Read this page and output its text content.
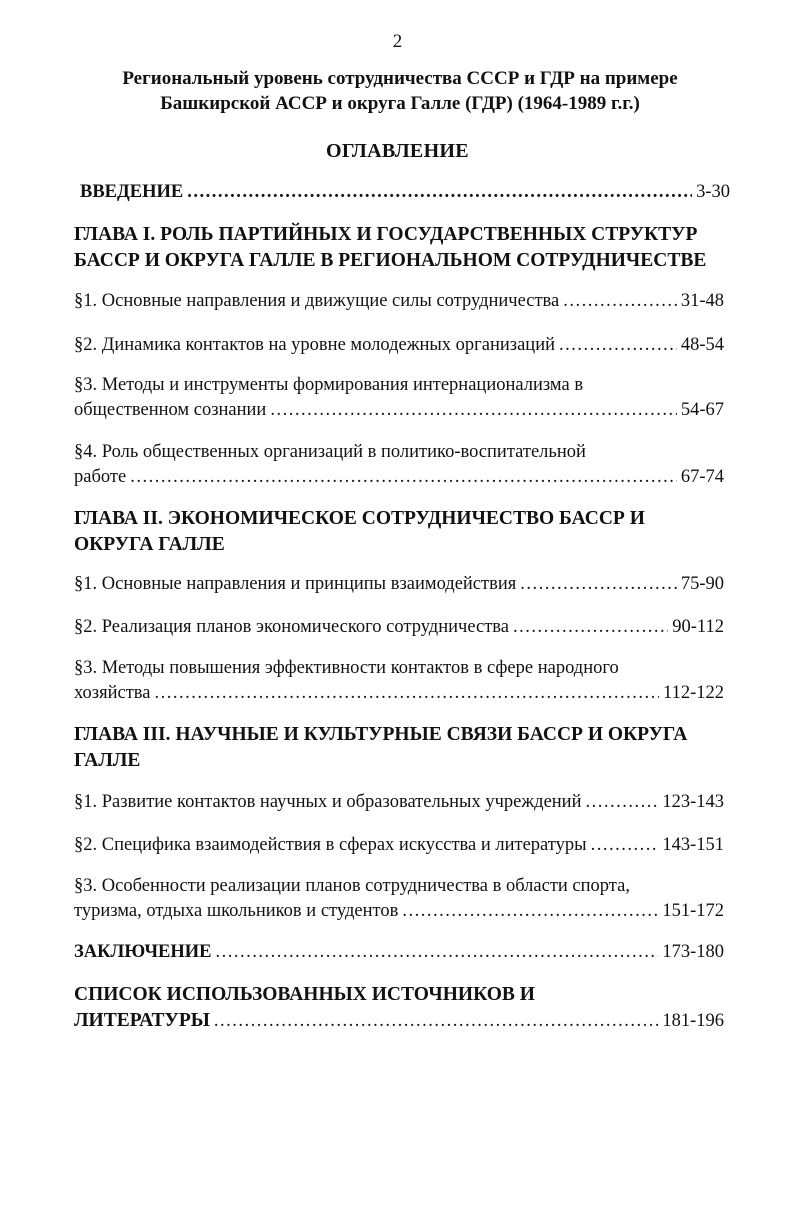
2
Региональный уровень сотрудничества СССР и ГДР на примере
Башкирской АССР и округа Галле (ГДР) (1964-1989 г.г.)
ОГЛАВЛЕНИЕ
ВВЕДЕНИЕ .....	3-30
ГЛАВА I. РОЛЬ ПАРТИЙНЫХ И ГОСУДАРСТВЕННЫХ СТРУКТУР
БАССР И ОКРУГА ГАЛЛЕ В РЕГИОНАЛЬНОМ СОТРУДНИЧЕСТВЕ
§1. Основные направления и движущие силы сотрудничества .....	31-48
§2. Динамика контактов на уровне молодежных организаций .....	48-54
§3. Методы и инструменты формирования интернационализма в
общественном сознании .....	54-67
§4. Роль общественных организаций в политико-воспитательной
работе .....	67-74
ГЛАВА II. ЭКОНОМИЧЕСКОЕ СОТРУДНИЧЕСТВО БАССР И
ОКРУГА ГАЛЛЕ
§1. Основные направления и принципы взаимодействия .....	75-90
§2. Реализация планов экономического сотрудничества .....	90-112
§3. Методы повышения эффективности контактов в сфере народного
хозяйства .....	112-122
ГЛАВА III. НАУЧНЫЕ И КУЛЬТУРНЫЕ СВЯЗИ БАССР И ОКРУГА
ГАЛЛЕ
§1. Развитие контактов научных и образовательных учреждений .....	123-143
§2. Специфика взаимодействия в сферах искусства и литературы .....	143-151
§3. Особенности реализации планов сотрудничества в области спорта,
туризма, отдыха школьников и студентов .....	151-172
ЗАКЛЮЧЕНИЕ .....	173-180
СПИСОК ИСПОЛЬЗОВАННЫХ ИСТОЧНИКОВ И
ЛИТЕРАТУРЫ .....	181-196
